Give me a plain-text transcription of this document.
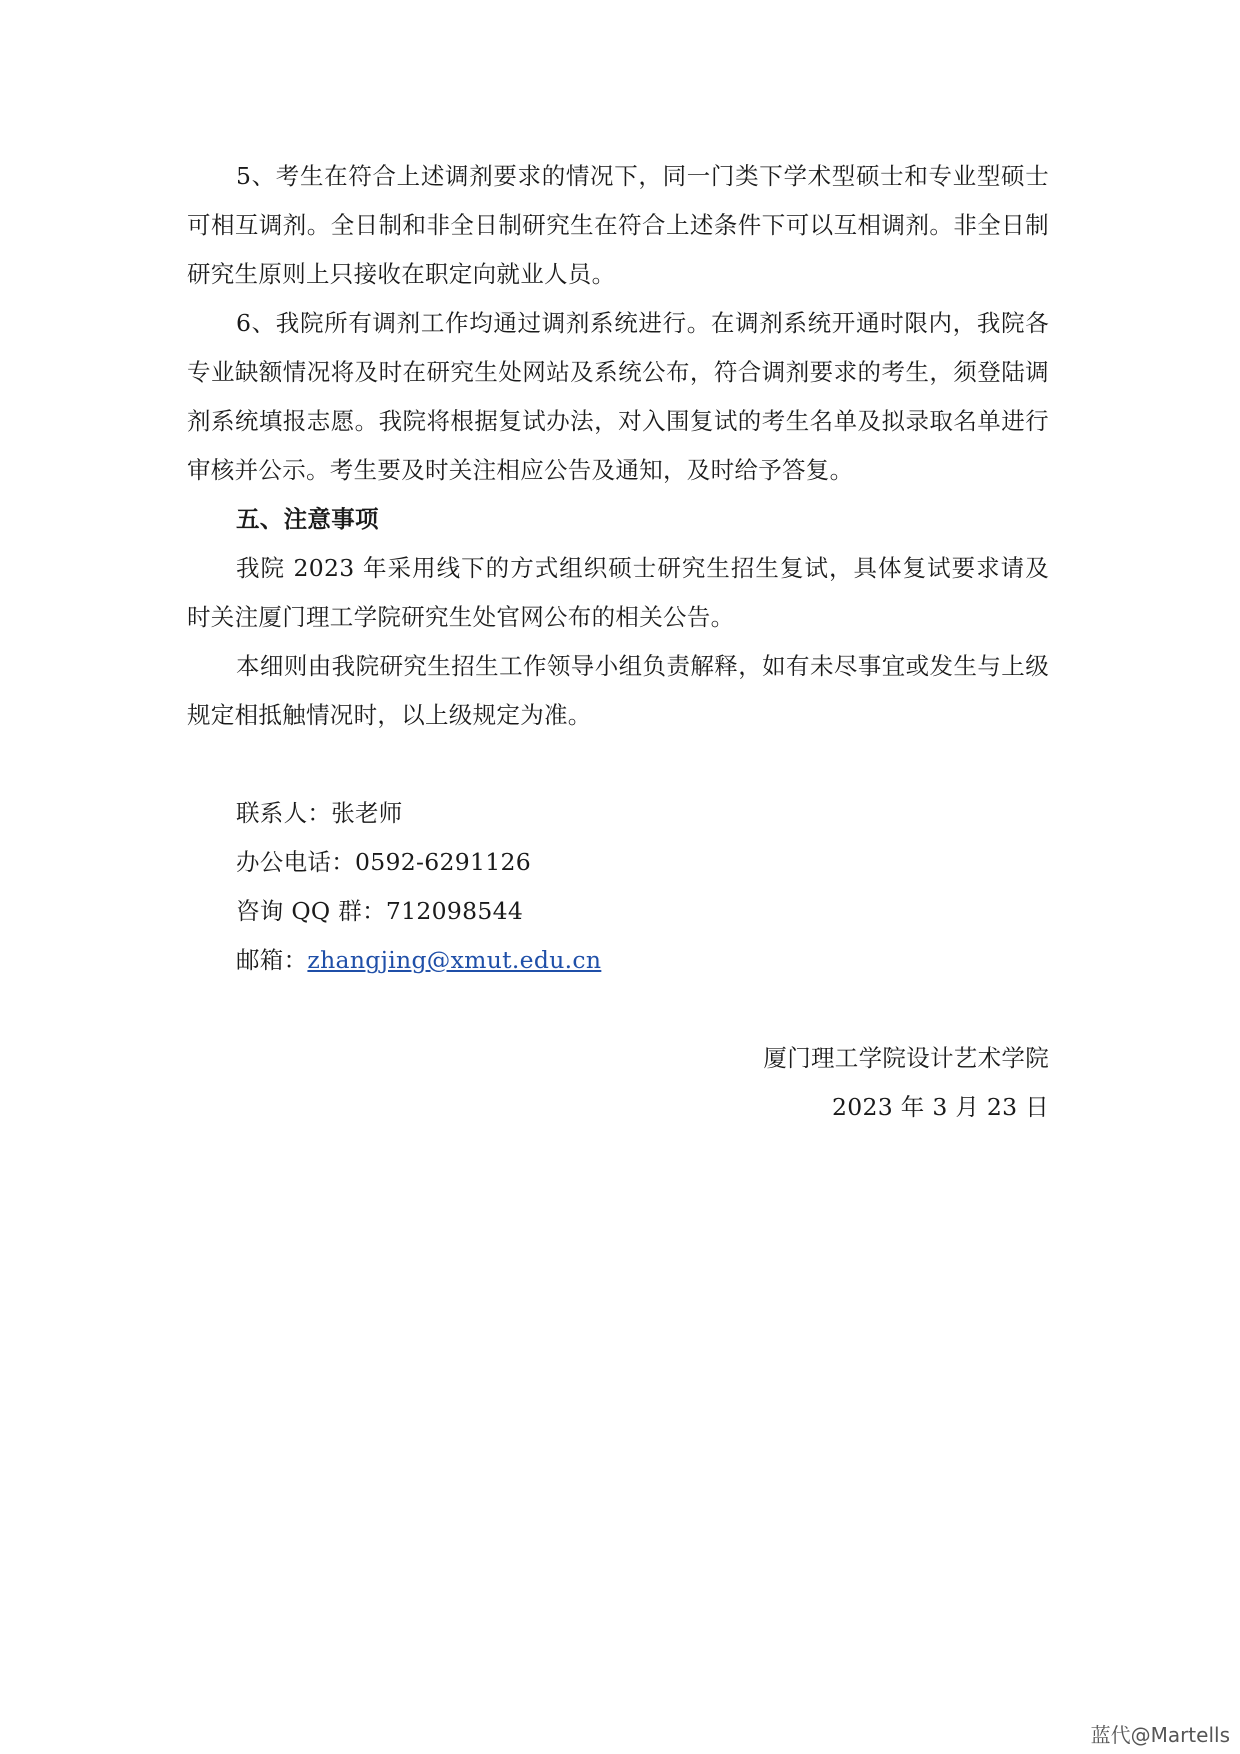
5、考生在符合上述调剂要求的情况下，同一门类下学术型硕士和专业型硕士可相互调剂。全日制和非全日制研究生在符合上述条件下可以互相调剂。非全日制研究生原则上只接收在职定向就业人员。

6、我院所有调剂工作均通过调剂系统进行。在调剂系统开通时限内，我院各专业缺额情况将及时在研究生处网站及系统公布，符合调剂要求的考生，须登陆调剂系统填报志愿。我院将根据复试办法，对入围复试的考生名单及拟录取名单进行审核并公示。考生要及时关注相应公告及通知，及时给予答复。

五、注意事项

我院 2023 年采用线下的方式组织硕士研究生招生复试，具体复试要求请及时关注厦门理工学院研究生处官网公布的相关公告。

本细则由我院研究生招生工作领导小组负责解释，如有未尽事宜或发生与上级规定相抵触情况时，以上级规定为准。

联系人：张老师

办公电话：0592-6291126

咨询 QQ 群：712098544

邮箱：zhangjing@xmut.edu.cn

厦门理工学院设计艺术学院

2023 年 3 月 23 日

蓝代@Martells
